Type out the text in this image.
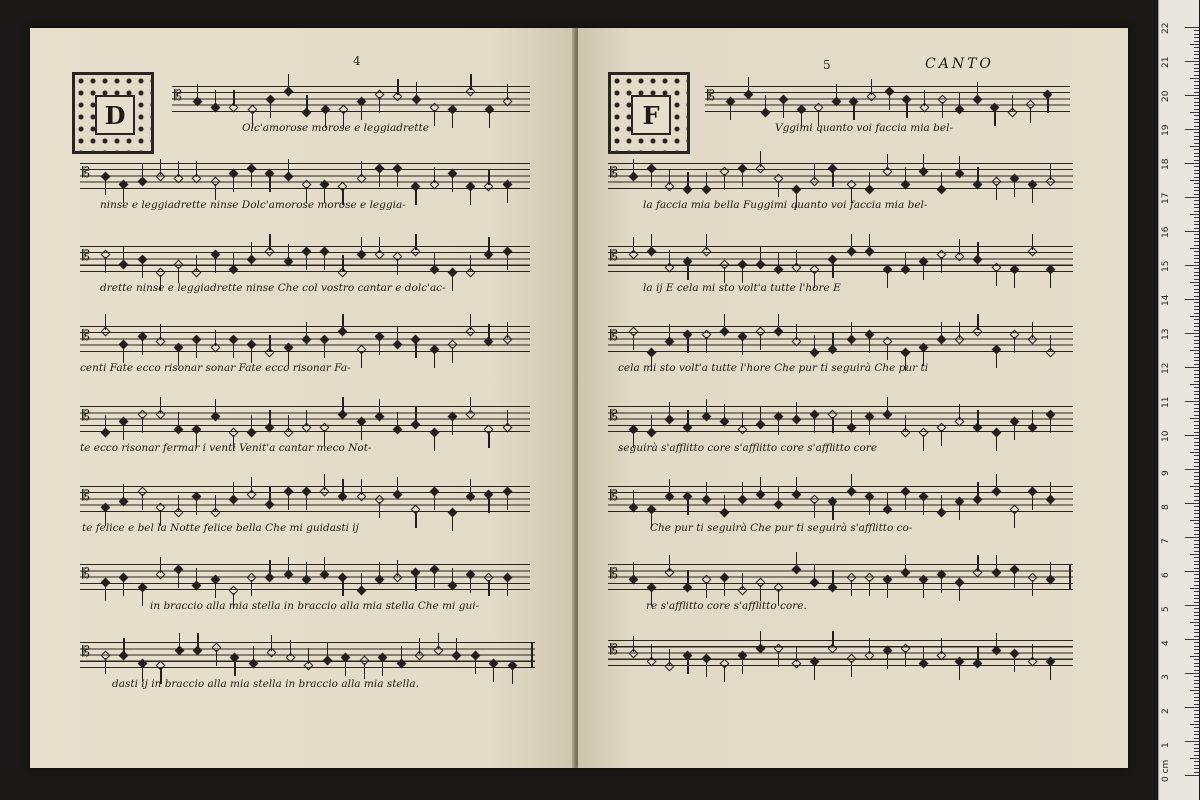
4
D
𝄡
Olc'amorose morose e leggiadrette
𝄡
ninse e leggiadrette ninse Dolc'amorose morose e leggia-
𝄡
drette ninse e leggiadrette ninse Che col vostro cantar e dolc'ac-
𝄡
centi Fate ecco risonar sonar Fate ecco risonar Fa-
𝄡
te ecco risonar fermar i venti Venit'a cantar meco Not-
𝄡
te felice e bel la Notte felice bella Che mi guidasti ij
𝄡
in braccio alla mia stella in braccio alla mia stella Che mi gui-
𝄡
dasti ij in braccio alla mia stella in braccio alla mia stella.
5	CANTO
F
𝄡
Vggimi quanto voi faccia mia bel-
𝄡
la faccia mia bella Fuggimi quanto voi faccia mia bel-
𝄡
la ij E cela mi sto volt'a tutte l'hore E
𝄡
cela mi sto volt'a tutte l'hore Che pur ti seguirà Che pur ti
𝄡
seguirà s'afflitto core s'afflitto core s'afflitto core
𝄡
Che pur ti seguirà Che pur ti seguirà s'afflitto co-
𝄡
re s'afflitto core s'afflitto core.
𝄡
0 cm
1
2
3
4
5
6
7
8
9
10
11
12
13
14
15
16
17
18
19
20
21
22
